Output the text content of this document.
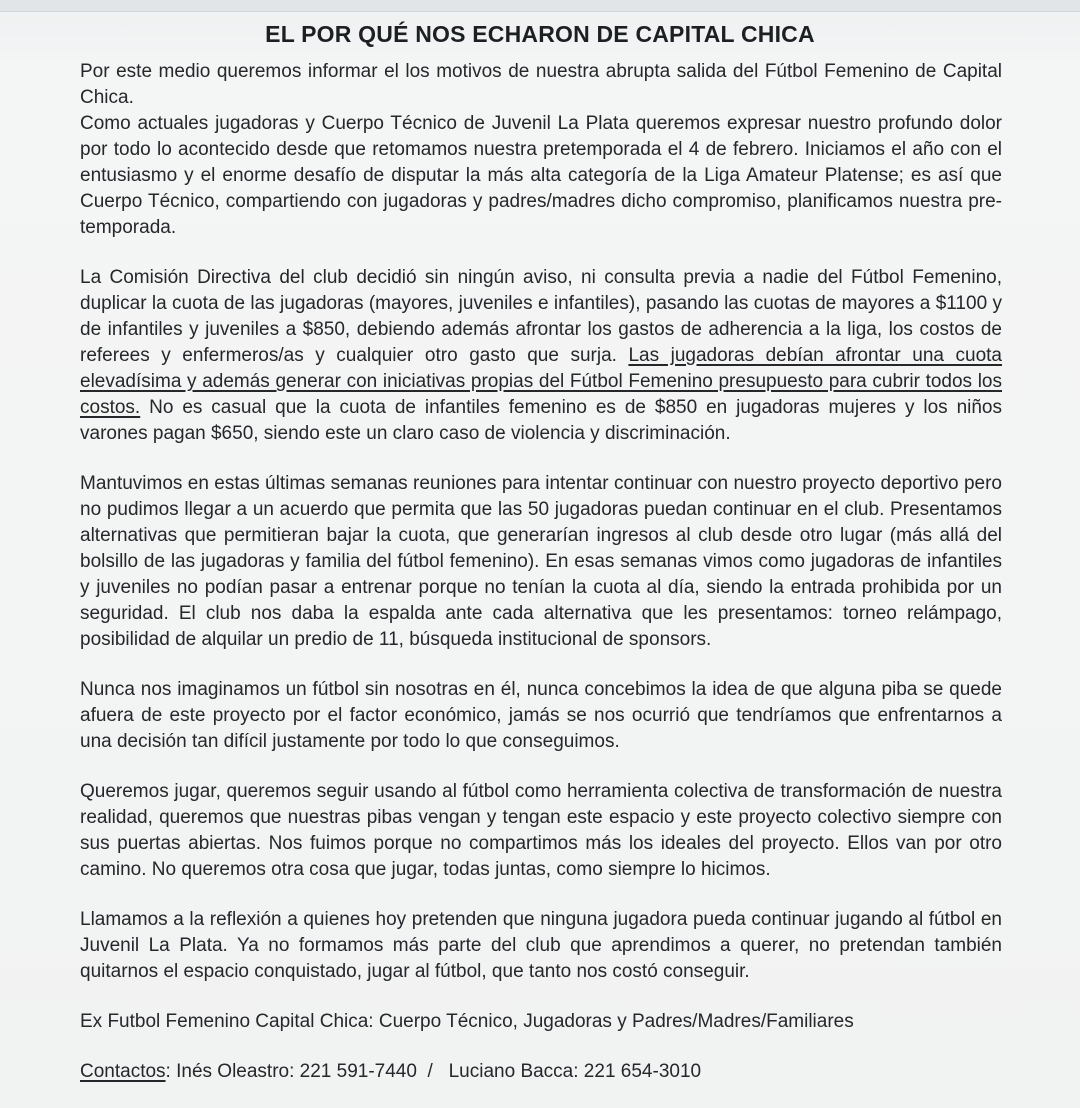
EL POR QUÉ NOS ECHARON DE CAPITAL CHICA

Por este medio queremos informar el los motivos de nuestra abrupta salida del Fútbol Femenino de Capital Chica.

Como actuales jugadoras y Cuerpo Técnico de Juvenil La Plata queremos expresar nuestro profundo dolor por todo lo acontecido desde que retomamos nuestra pretemporada el 4 de febrero. Iniciamos el año con el entusiasmo y el enorme desafío de disputar la más alta categoría de la Liga Amateur Platense; es así que Cuerpo Técnico, compartiendo con jugadoras y padres/madres dicho compromiso, planificamos nuestra pre-temporada.

La Comisión Directiva del club decidió sin ningún aviso, ni consulta previa a nadie del Fútbol Femenino, duplicar la cuota de las jugadoras (mayores, juveniles e infantiles), pasando las cuotas de mayores a $1100 y de infantiles y juveniles a $850, debiendo además afrontar los gastos de adherencia a la liga, los costos de referees y enfermeros/as y cualquier otro gasto que surja. Las jugadoras debían afrontar una cuota elevadísima y además generar con iniciativas propias del Fútbol Femenino presupuesto para cubrir todos los costos. No es casual que la cuota de infantiles femenino es de $850 en jugadoras mujeres y los niños varones pagan $650, siendo este un claro caso de violencia y discriminación.

Mantuvimos en estas últimas semanas reuniones para intentar continuar con nuestro proyecto deportivo pero no pudimos llegar a un acuerdo que permita que las 50 jugadoras puedan continuar en el club. Presentamos alternativas que permitieran bajar la cuota, que generarían ingresos al club desde otro lugar (más allá del bolsillo de las jugadoras y familia del fútbol femenino). En esas semanas vimos como jugadoras de infantiles y juveniles no podían pasar a entrenar porque no tenían la cuota al día, siendo la entrada prohibida por un seguridad. El club nos daba la espalda ante cada alternativa que les presentamos: torneo relámpago, posibilidad de alquilar un predio de 11, búsqueda institucional de sponsors.

Nunca nos imaginamos un fútbol sin nosotras en él, nunca concebimos la idea de que alguna piba se quede afuera de este proyecto por el factor económico, jamás se nos ocurrió que tendríamos que enfrentarnos a una decisión tan difícil justamente por todo lo que conseguimos.

Queremos jugar, queremos seguir usando al fútbol como herramienta colectiva de transformación de nuestra realidad, queremos que nuestras pibas vengan y tengan este espacio y este proyecto colectivo siempre con sus puertas abiertas. Nos fuimos porque no compartimos más los ideales del proyecto. Ellos van por otro camino. No queremos otra cosa que jugar, todas juntas, como siempre lo hicimos.

Llamamos a la reflexión a quienes hoy pretenden que ninguna jugadora pueda continuar jugando al fútbol en Juvenil La Plata. Ya no formamos más parte del club que aprendimos a querer, no pretendan también quitarnos el espacio conquistado, jugar al fútbol, que tanto nos costó conseguir.

Ex Futbol Femenino Capital Chica: Cuerpo Técnico, Jugadoras y Padres/Madres/Familiares

Contactos: Inés Oleastro: 221 591-7440  /   Luciano Bacca: 221 654-3010
